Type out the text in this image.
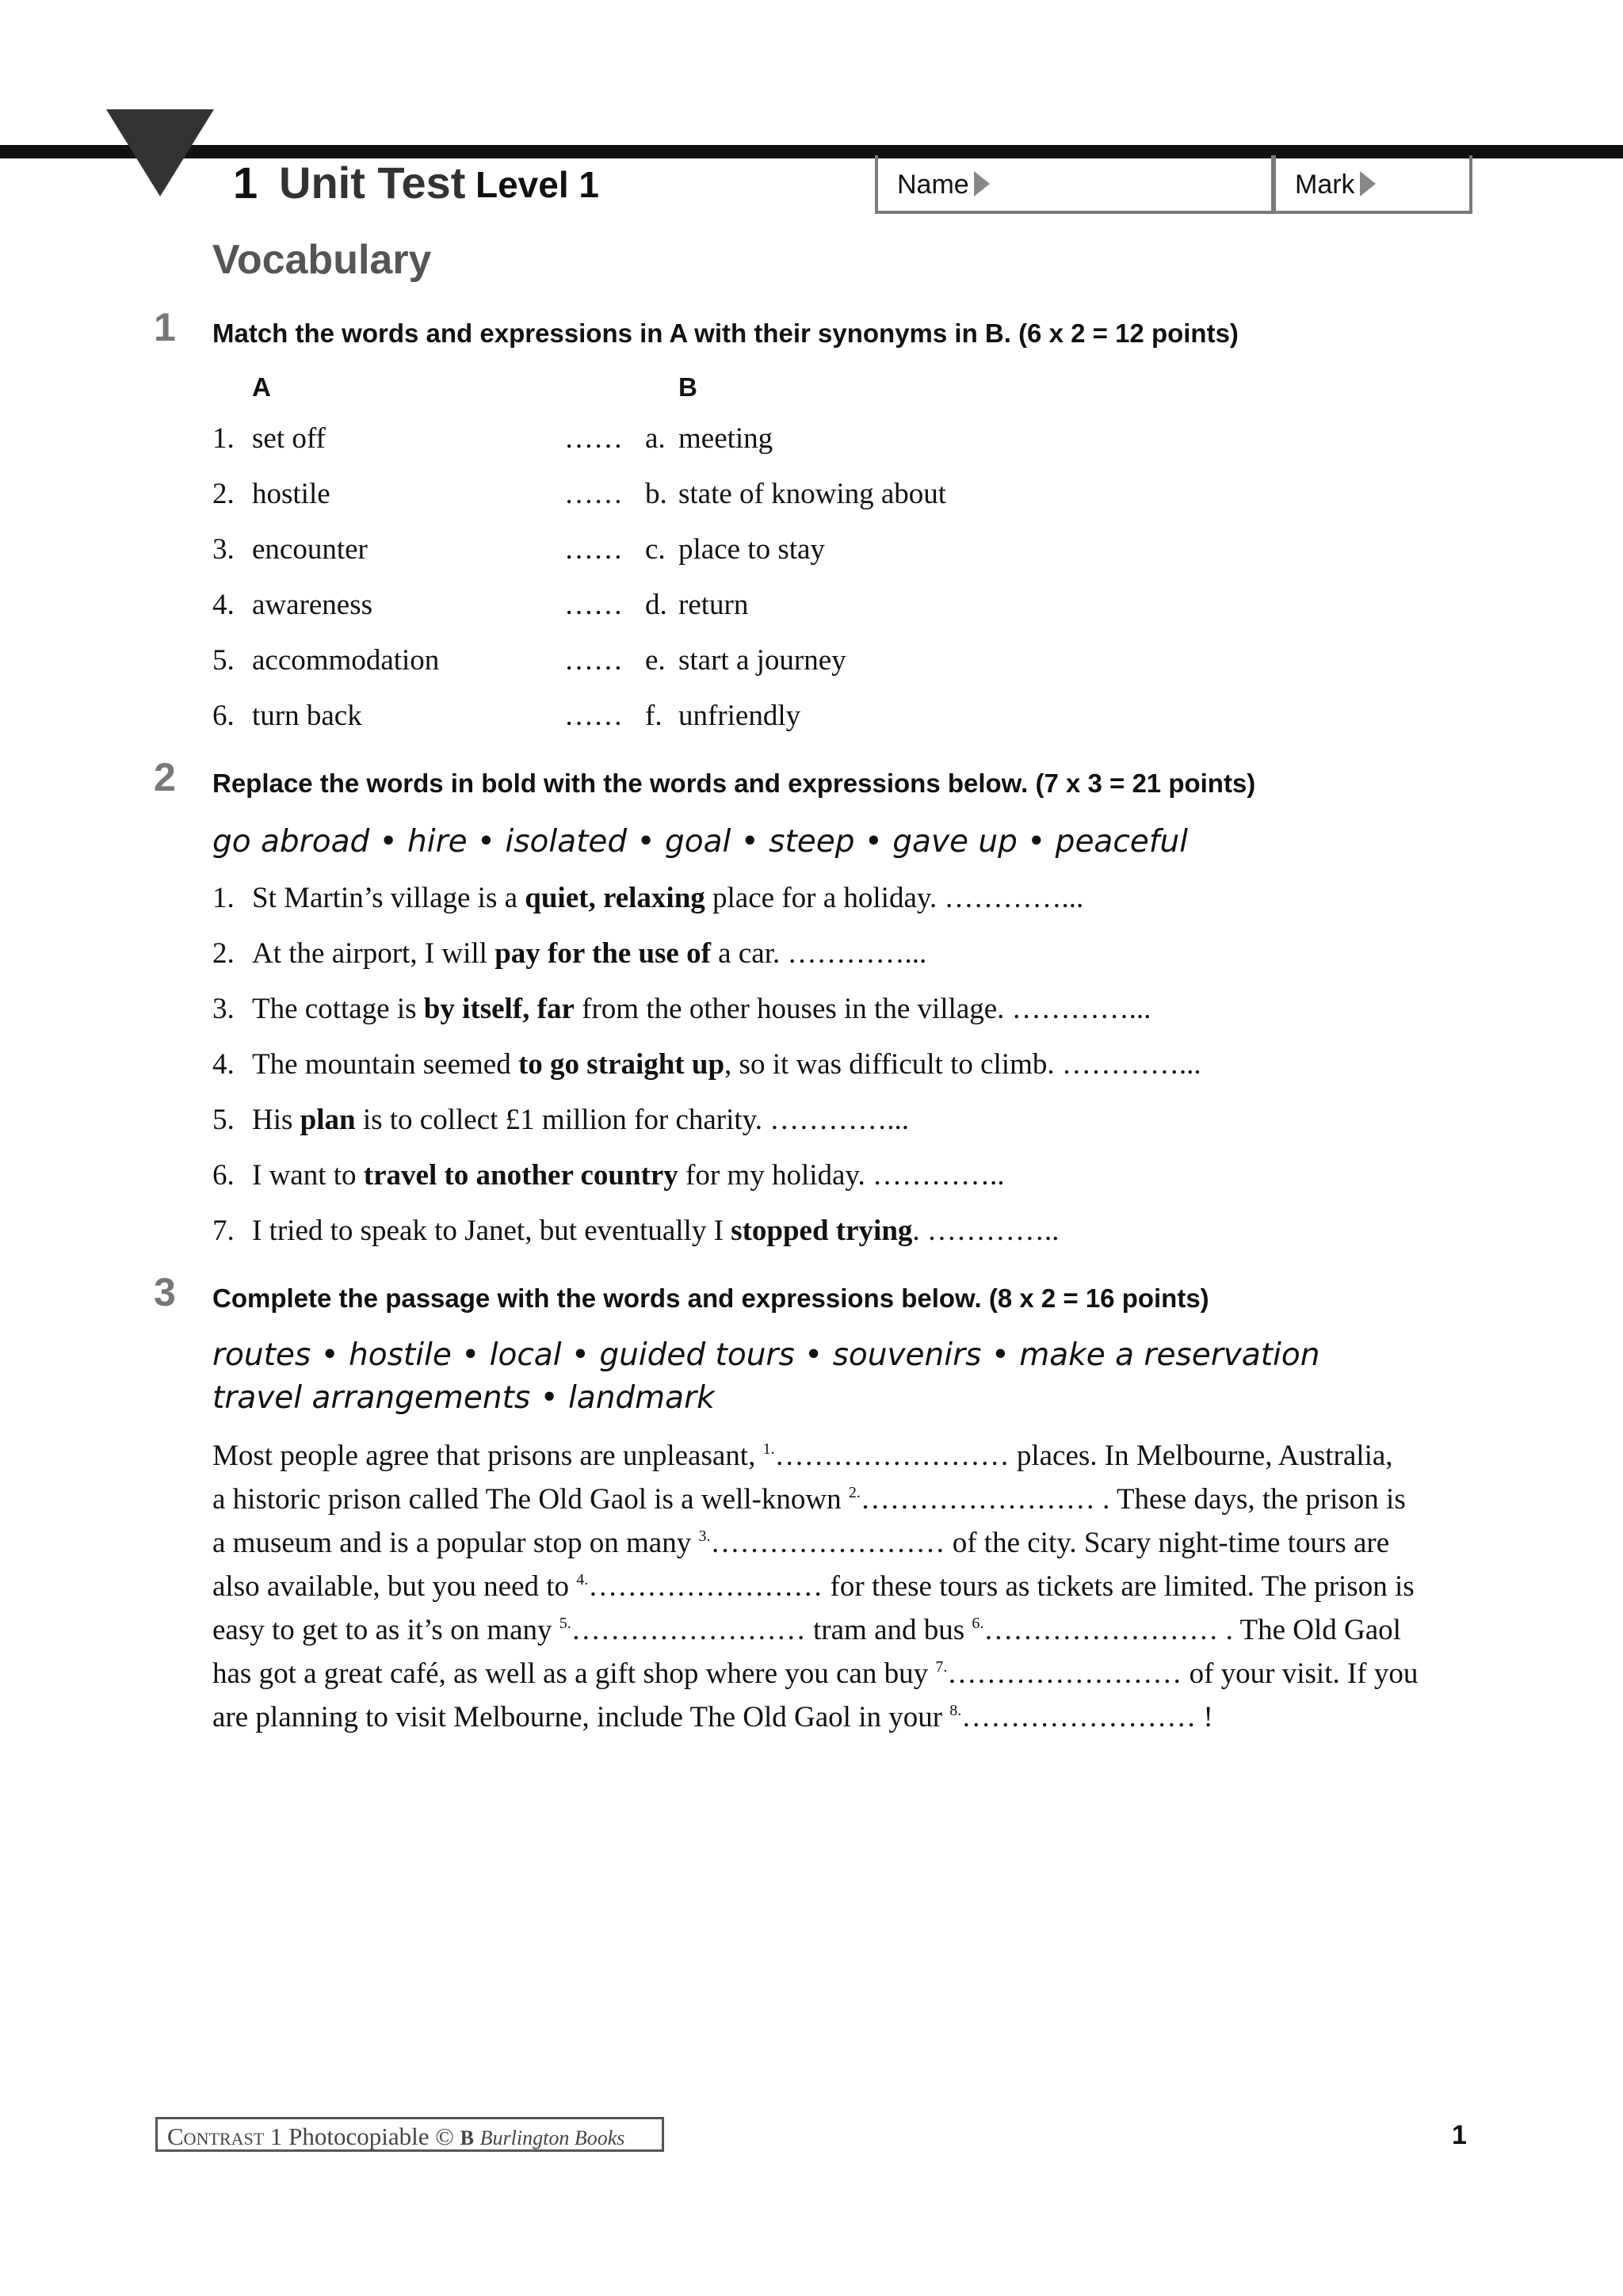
1 Unit Test Level 1	Name	Mark
Vocabulary
1 Match the words and expressions in A with their synonyms in B. (6 x 2 = 12 points)
A	B
1. set off	…… a. meeting
2. hostile	…… b. state of knowing about
3. encounter	…… c. place to stay
4. awareness	…… d. return
5. accommodation	…… e. start a journey
6. turn back	…… f. unfriendly
2 Replace the words in bold with the words and expressions below. (7 x 3 = 21 points)
go abroad • hire • isolated • goal • steep • gave up • peaceful
1. St Martin’s village is a quiet, relaxing place for a holiday. …………...
2. At the airport, I will pay for the use of a car. …………...
3. The cottage is by itself, far from the other houses in the village. …………...
4. The mountain seemed to go straight up, so it was difficult to climb. …………...
5. His plan is to collect £1 million for charity. …………...
6. I want to travel to another country for my holiday. …………..
7. I tried to speak to Janet, but eventually I stopped trying. …………..
3 Complete the passage with the words and expressions below. (8 x 2 = 16 points)
routes • hostile • local • guided tours • souvenirs • make a reservation
travel arrangements • landmark
Most people agree that prisons are unpleasant, $^{1.}$…………………… places. In Melbourne, Australia,
a historic prison called The Old Gaol is a well-known $^{2.}$…………………… . These days, the prison is
a museum and is a popular stop on many $^{3.}$…………………… of the city. Scary night-time tours are
also available, but you need to $^{4.}$…………………… for these tours as tickets are limited. The prison is
easy to get to as it’s on many $^{5.}$…………………… tram and bus $^{6.}$…………………… . The Old Gaol
has got a great café, as well as a gift shop where you can buy $^{7.}$…………………… of your visit. If you
are planning to visit Melbourne, include The Old Gaol in your $^{8.}$…………………… !
Contrast 1 Photocopiable © B Burlington Books	1
